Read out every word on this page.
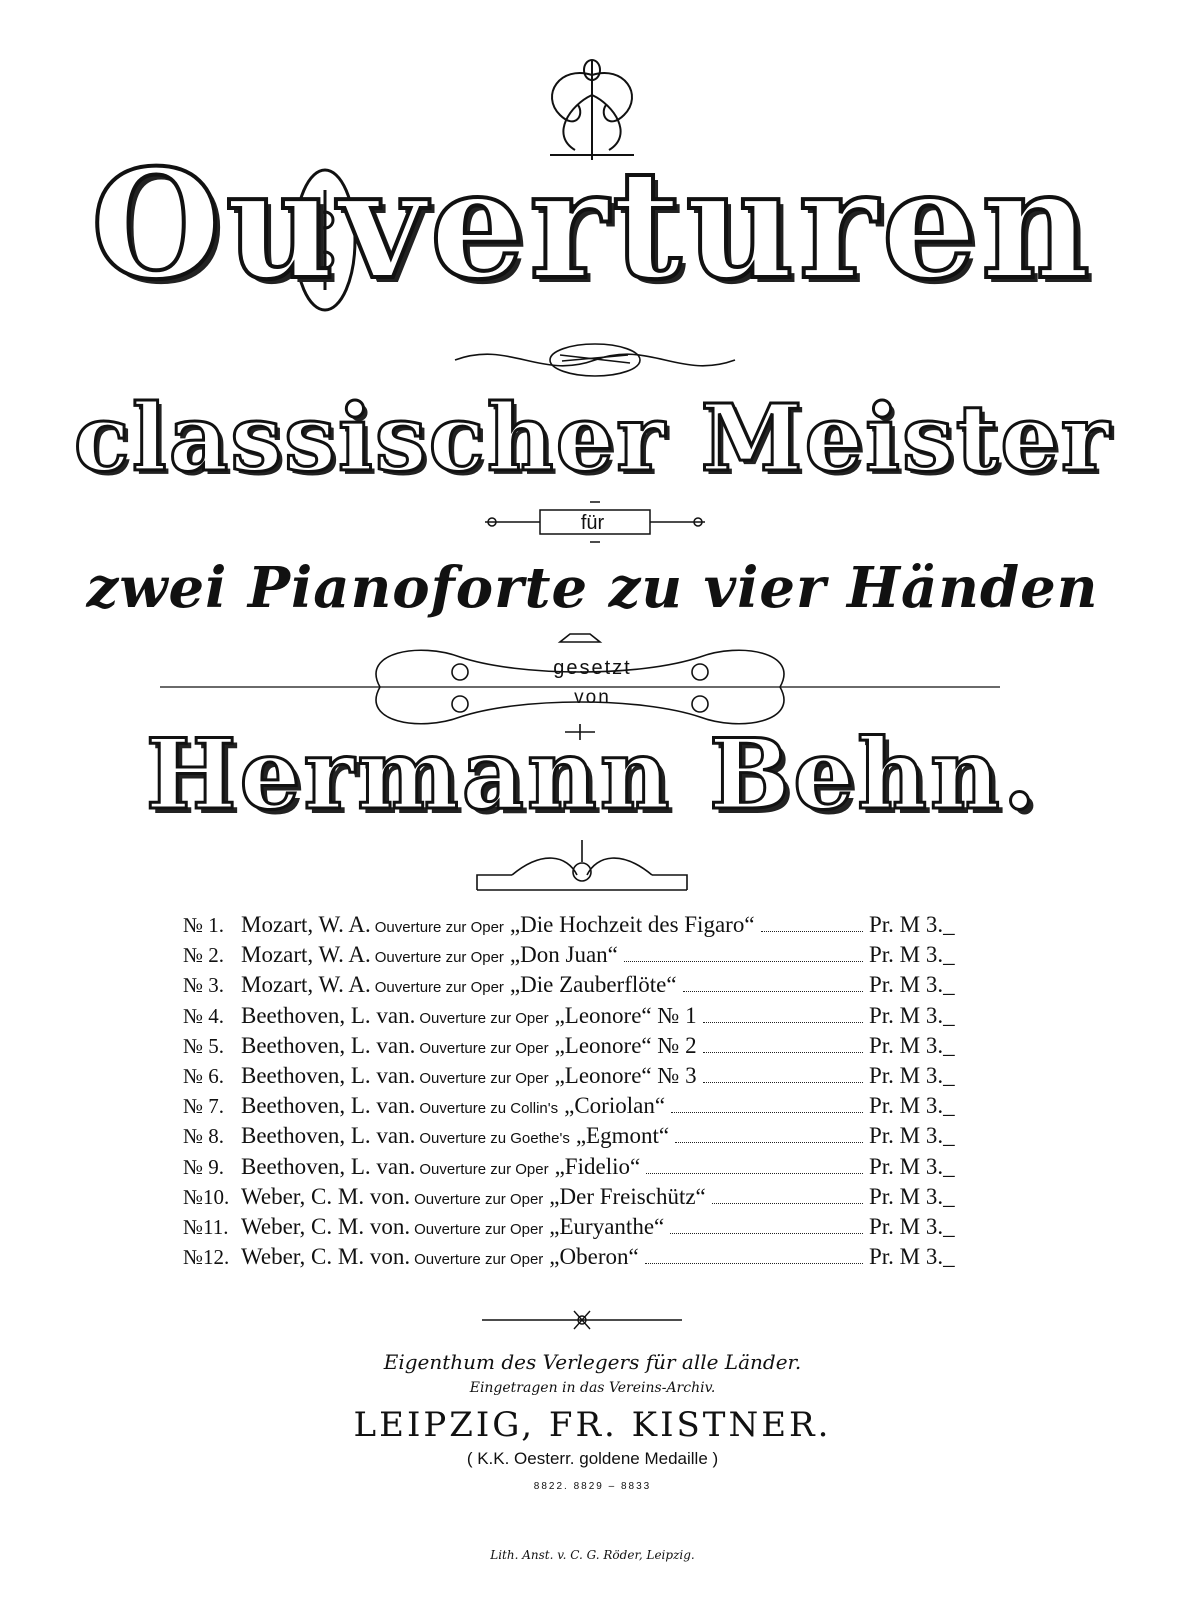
Ouverturen
classischer Meister
für
zwei Pianoforte zu vier Händen
gesetzt
von
Hermann Behn.
№ 1. Mozart, W. A. Ouverture zur Oper „Die Hochzeit des Figaro“	Pr. M 3._
№ 2. Mozart, W. A. Ouverture zur Oper „Don Juan“	Pr. M 3._
№ 3. Mozart, W. A. Ouverture zur Oper „Die Zauberflöte“	Pr. M 3._
№ 4. Beethoven, L. van. Ouverture zur Oper „Leonore“ № 1	Pr. M 3._
№ 5. Beethoven, L. van. Ouverture zur Oper „Leonore“ № 2	Pr. M 3._
№ 6. Beethoven, L. van. Ouverture zur Oper „Leonore“ № 3	Pr. M 3._
№ 7. Beethoven, L. van. Ouverture zu Collin's „Coriolan“	Pr. M 3._
№ 8. Beethoven, L. van. Ouverture zu Goethe's „Egmont“	Pr. M 3._
№ 9. Beethoven, L. van. Ouverture zur Oper „Fidelio“	Pr. M 3._
№10. Weber, C. M. von. Ouverture zur Oper „Der Freischütz“	Pr. M 3._
№11. Weber, C. M. von. Ouverture zur Oper „Euryanthe“	Pr. M 3._
№12. Weber, C. M. von. Ouverture zur Oper „Oberon“	Pr. M 3._
Eigenthum des Verlegers für alle Länder.
Eingetragen in das Vereins-Archiv.
LEIPZIG, FR. KISTNER.
( K.K. Oesterr. goldene Medaille )
8822. 8829 – 8833
Lith. Anst. v. C. G. Röder, Leipzig.
